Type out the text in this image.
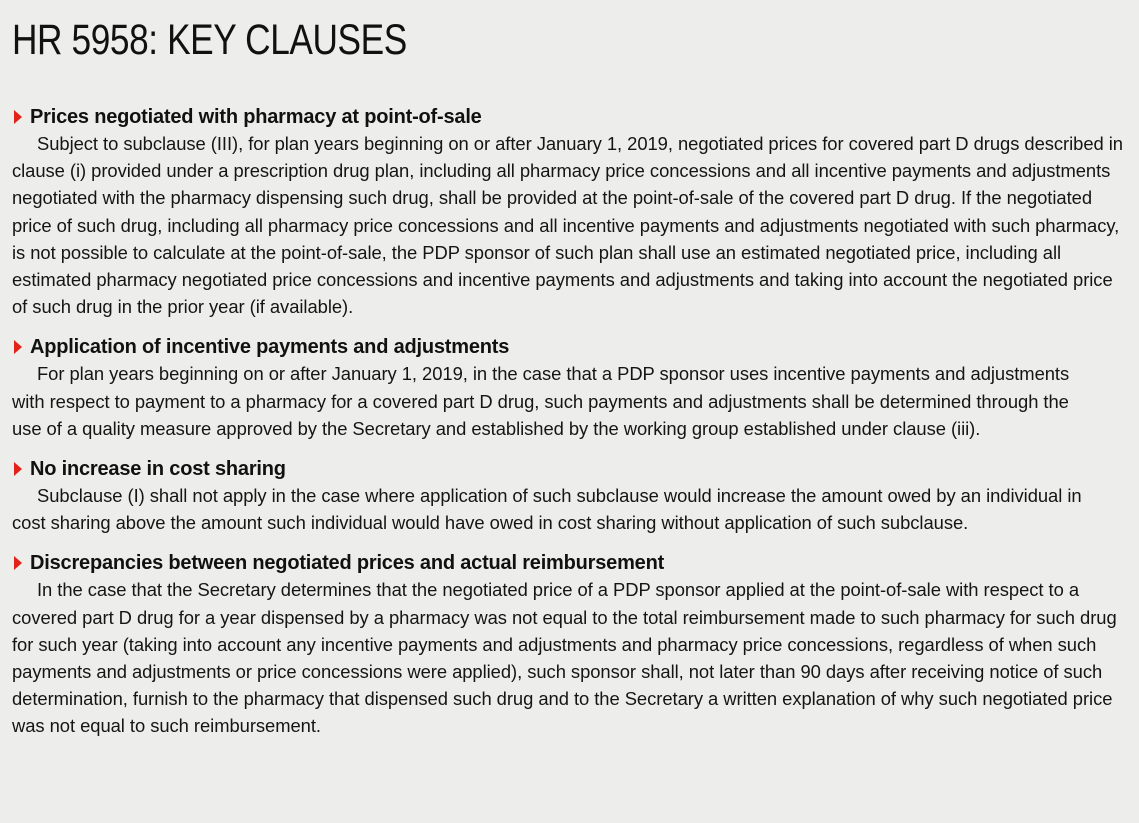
HR 5958: KEY CLAUSES
Prices negotiated with pharmacy at point-of-sale

Subject to subclause (III), for plan years beginning on or after January 1, 2019, negotiated prices for covered part D drugs described in clause (i) provided under a prescription drug plan, including all pharmacy price concessions and all incentive payments and adjustments negotiated with the pharmacy dispensing such drug, shall be provided at the point-of-sale of the covered part D drug. If the negotiated price of such drug, including all pharmacy price concessions and all incentive payments and adjustments negotiated with such pharmacy, is not possible to calculate at the point-of-sale, the PDP sponsor of such plan shall use an estimated negotiated price, including all estimated pharmacy negotiated price concessions and incentive payments and adjustments and taking into account the negotiated price of such drug in the prior year (if available).

Application of incentive payments and adjustments

For plan years beginning on or after January 1, 2019, in the case that a PDP sponsor uses incentive payments and adjustments with respect to payment to a pharmacy for a covered part D drug, such payments and adjustments shall be determined through the use of a quality measure approved by the Secretary and established by the working group established under clause (iii).

No increase in cost sharing

Subclause (I) shall not apply in the case where application of such subclause would increase the amount owed by an individual in cost sharing above the amount such individual would have owed in cost sharing without application of such subclause.

Discrepancies between negotiated prices and actual reimbursement

In the case that the Secretary determines that the negotiated price of a PDP sponsor applied at the point-of-sale with respect to a covered part D drug for a year dispensed by a pharmacy was not equal to the total reimbursement made to such pharmacy for such drug for such year (taking into account any incentive payments and adjustments and pharmacy price concessions, regardless of when such payments and adjustments or price concessions were applied), such sponsor shall, not later than 90 days after receiving notice of such determination, furnish to the pharmacy that dispensed such drug and to the Secretary a written explanation of why such negotiated price was not equal to such reimbursement.
